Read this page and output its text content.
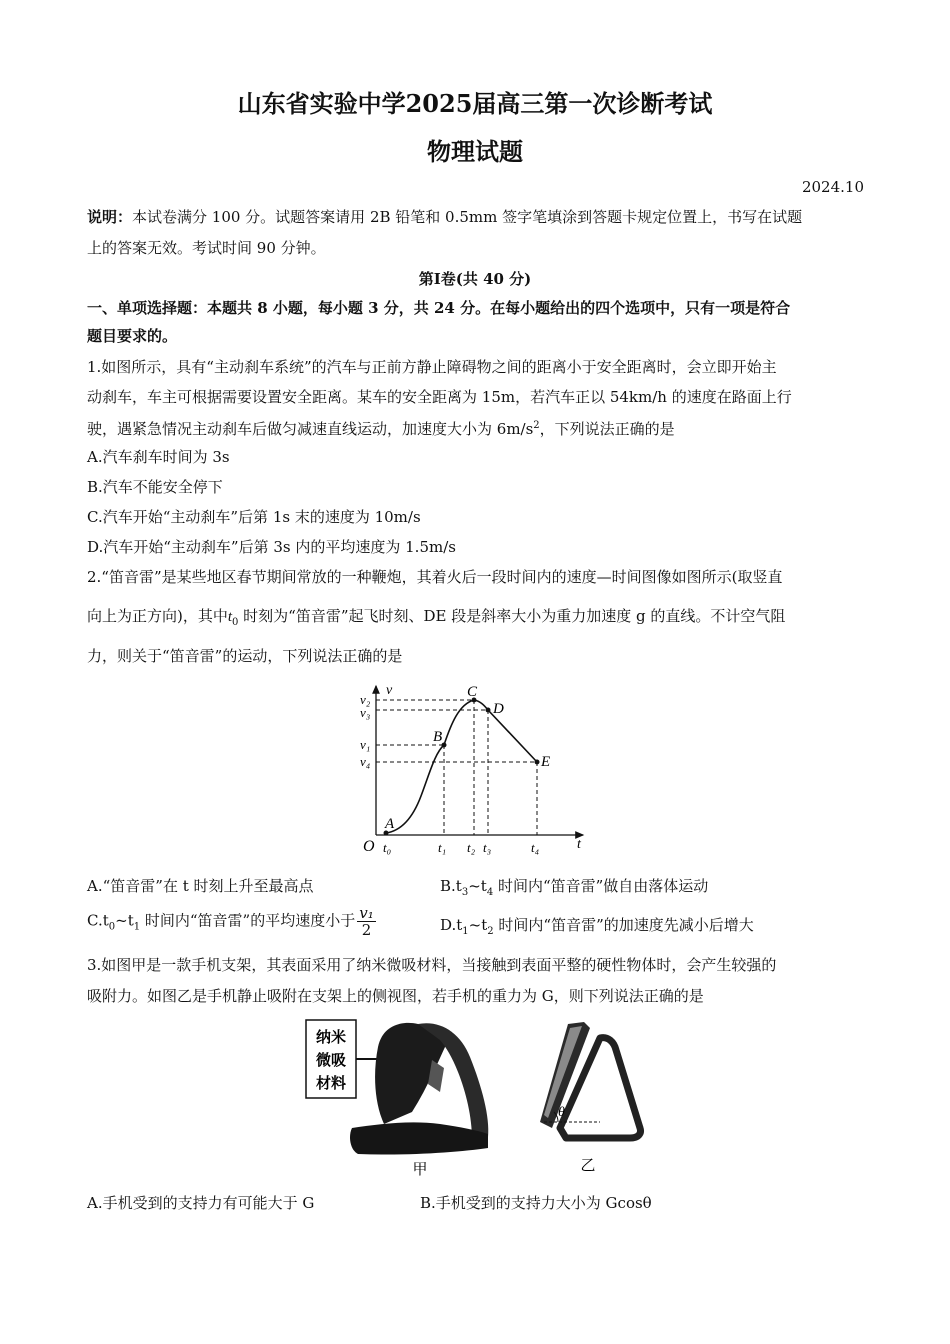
山东省实验中学2025届高三第一次诊断考试
物理试题
2024.10
说明：本试卷满分 100 分。试题答案请用 2B 铅笔和 0.5mm 签字笔填涂到答题卡规定位置上，书写在试题
上的答案无效。考试时间 90 分钟。
第Ⅰ卷(共 40 分)
一、单项选择题：本题共 8 小题，每小题 3 分，共 24 分。在每小题给出的四个选项中，只有一项是符合
题目要求的。
1.如图所示，具有“主动刹车系统”的汽车与正前方静止障碍物之间的距离小于安全距离时，会立即开始主
动刹车，车主可根据需要设置安全距离。某车的安全距离为 15m，若汽车正以 54km/h 的速度在路面上行
驶，遇紧急情况主动刹车后做匀减速直线运动，加速度大小为 $6m/s^2$，下列说法正确的是
A.汽车刹车时间为 3s
B.汽车不能安全停下
C.汽车开始“主动刹车”后第 1s 末的速度为 10m/s
D.汽车开始“主动刹车”后第 3s 内的平均速度为 1.5m/s
2.“笛音雷”是某些地区春节期间常放的一种鞭炮，其着火后一段时间内的速度—时间图像如图所示(取竖直
向上为正方向)，其中$t_0$ 时刻为“笛音雷”起飞时刻、DE 段是斜率大小为重力加速度 g 的直线。不计空气阻
力，则关于“笛音雷”的运动，下列说法正确的是
v
t
O
A
B
C
D
E
v₂
v₃
v₁
v₄
t₀	t₁ t₂ t₃	t₄
A.“笛音雷”在 t 时刻上升至最高点	$B.t_3\sim t_4$ 时间内“笛音雷”做自由落体运动
$C.t_0\sim t_1$ 时间内“笛音雷”的平均速度小于 $\frac{\text{v₁}}{2}$	$D.t_1\sim t_2$ 时间内“笛音雷”的加速度先减小后增大
3.如图甲是一款手机支架，其表面采用了纳米微吸材料，当接触到表面平整的硬性物体时，会产生较强的
吸附力。如图乙是手机静止吸附在支架上的侧视图，若手机的重力为 G，则下列说法正确的是
纳米
微吸
材料
甲
θ
乙
A.手机受到的支持力有可能大于 G	B.手机受到的支持力大小为 Gcosθ
